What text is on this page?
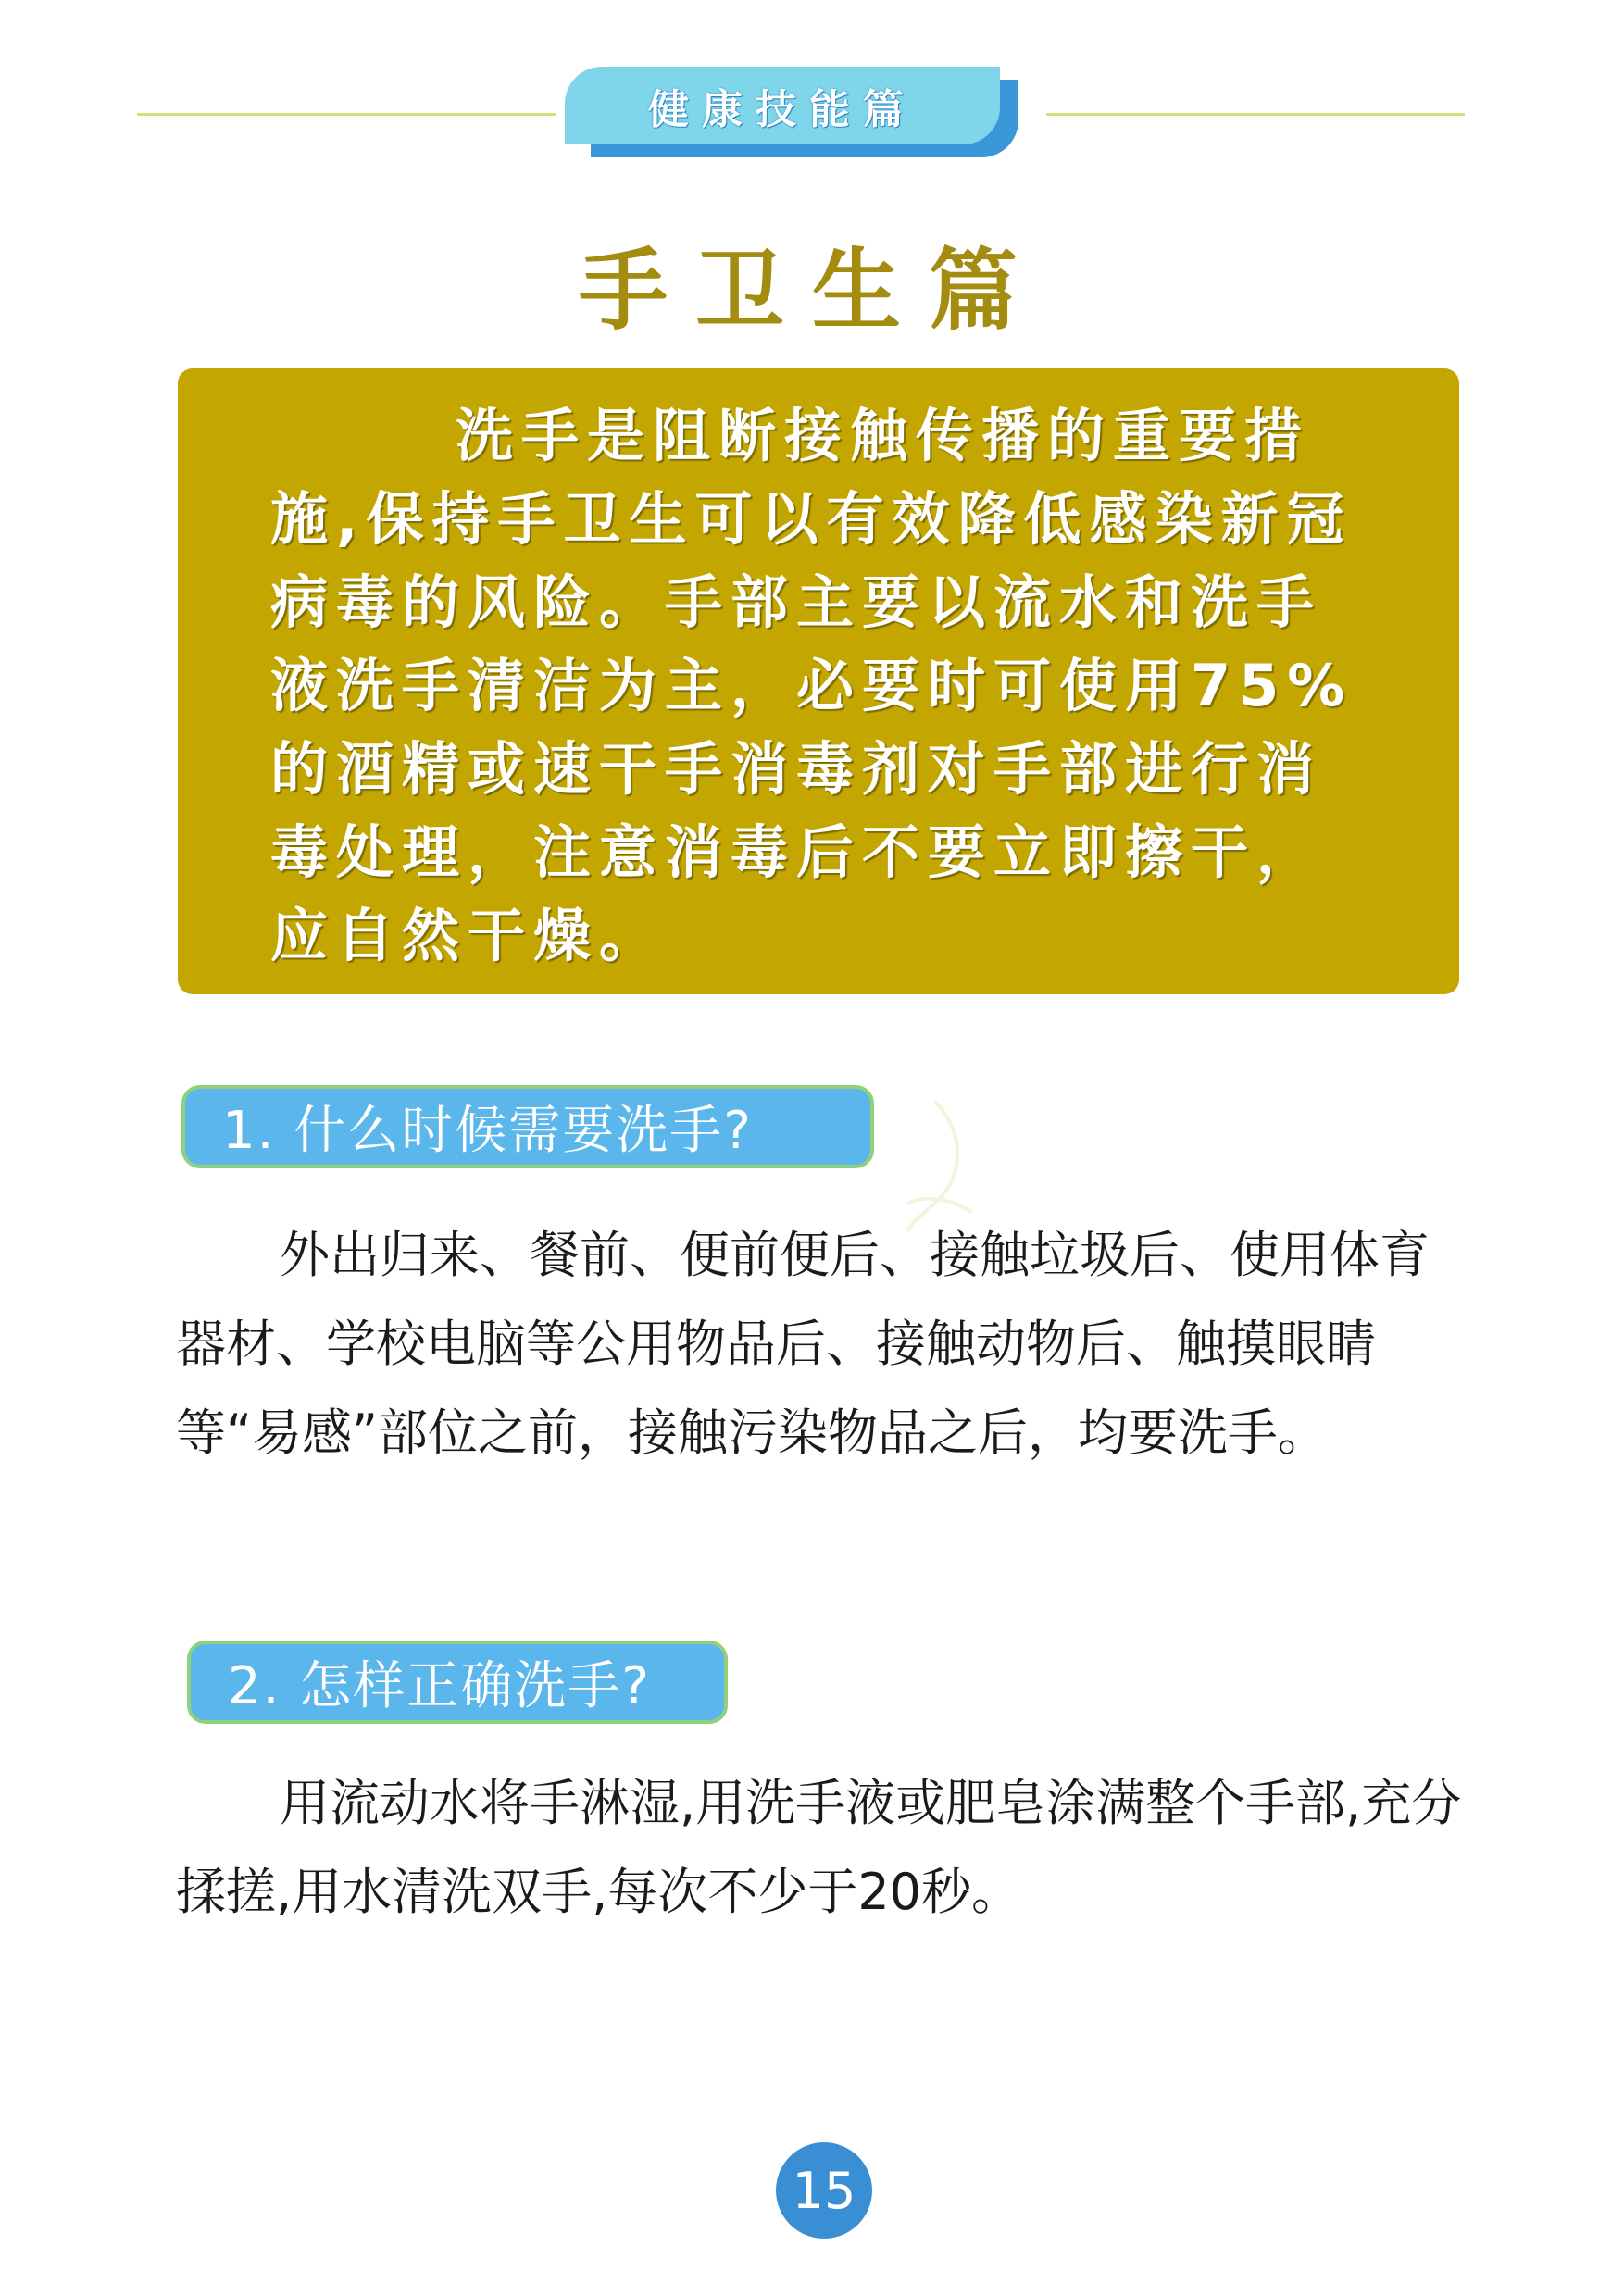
健康技能篇
手卫生篇
洗手是阻断接触传播的重要措施,保持手卫生可以有效降低感染新冠病毒的风险。手部主要以流水和洗手液洗手清洁为主，必要时可使用75%的酒精或速干手消毒剂对手部进行消毒处理，注意消毒后不要立即擦干，应自然干燥。
1. 什么时候需要洗手?
外出归来、餐前、便前便后、接触垃圾后、使用体育器材、学校电脑等公用物品后、接触动物后、触摸眼睛等“易感”部位之前，接触污染物品之后，均要洗手。
2. 怎样正确洗手?
用流动水将手淋湿,用洗手液或肥皂涂满整个手部,充分揉搓,用水清洗双手,每次不少于20秒。
15
